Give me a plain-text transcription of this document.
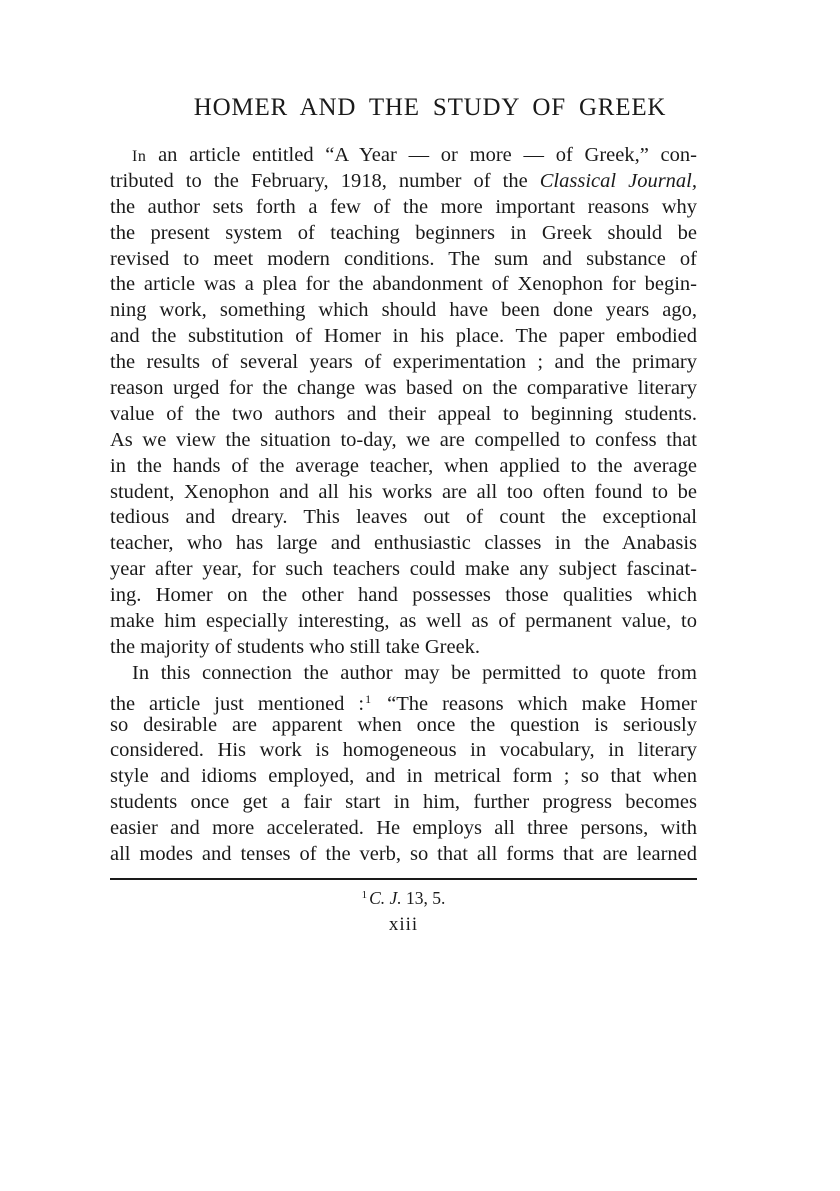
HOMER AND THE STUDY OF GREEK
In an article entitled “A Year — or more — of Greek,” con-
tributed to the February, 1918, number of the Classical Journal,
the author sets forth a few of the more important reasons why
the present system of teaching beginners in Greek should be
revised to meet modern conditions. The sum and substance of
the article was a plea for the abandonment of Xenophon for begin-
ning work, something which should have been done years ago,
and the substitution of Homer in his place. The paper embodied
the results of several years of experimentation ; and the primary
reason urged for the change was based on the comparative literary
value of the two authors and their appeal to beginning students.
As we view the situation to-day, we are compelled to confess that
in the hands of the average teacher, when applied to the average
student, Xenophon and all his works are all too often found to be
tedious and dreary. This leaves out of count the exceptional
teacher, who has large and enthusiastic classes in the Anabasis
year after year, for such teachers could make any subject fascinat-
ing. Homer on the other hand possesses those qualities which
make him especially interesting, as well as of permanent value, to
the majority of students who still take Greek.
In this connection the author may be permitted to quote from
the article just mentioned :$^1$ “The reasons which make Homer
so desirable are apparent when once the question is seriously
considered. His work is homogeneous in vocabulary, in literary
style and idioms employed, and in metrical form ; so that when
students once get a fair start in him, further progress becomes
easier and more accelerated. He employs all three persons, with
all modes and tenses of the verb, so that all forms that are learned
$^1$ C. J. 13, 5.
xiii
